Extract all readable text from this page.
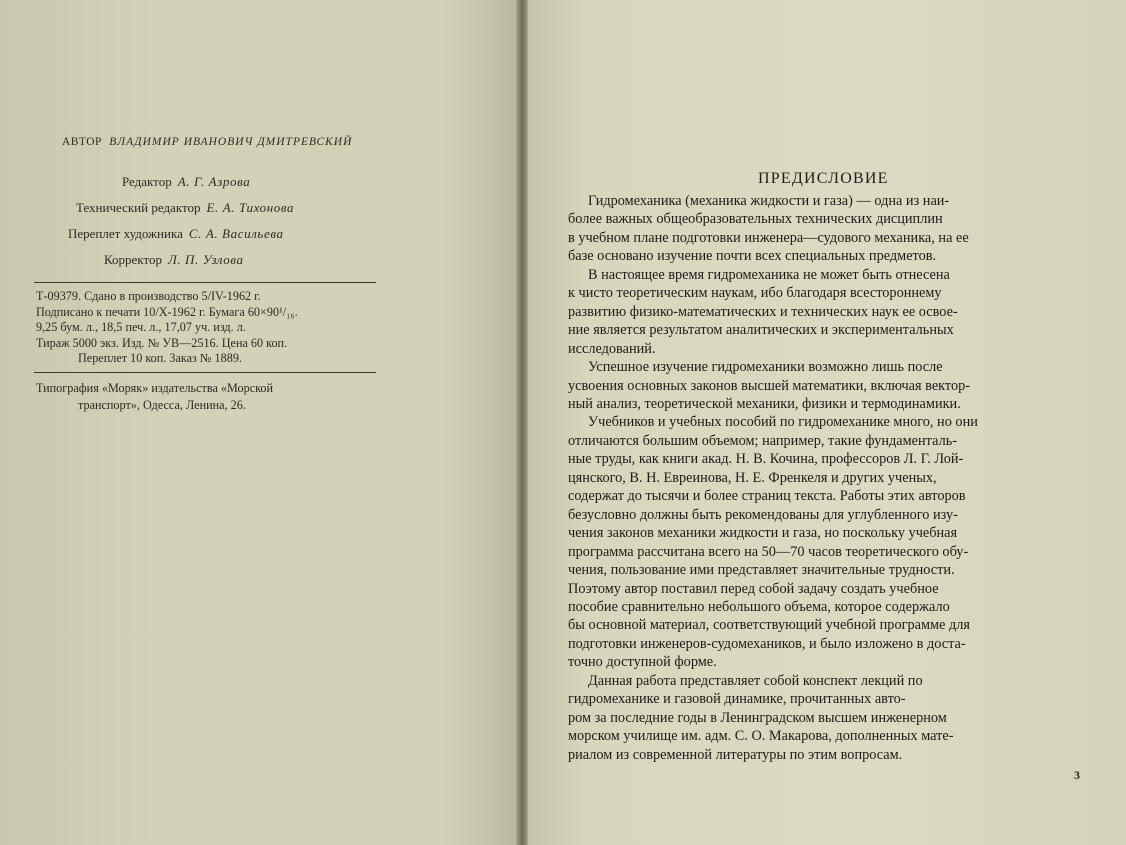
АВТОР ВЛАДИМИР ИВАНОВИЧ ДМИТРЕВСКИЙ
Редактор А. Г. Азрова
Технический редактор Е. А. Тихонова
Переплет художника С. А. Васильева
Корректор Л. П. Узлова
Т-09379. Сдано в производство 5/IV-1962 г.
Подписано к печати 10/X-1962 г. Бумага 60×90¹/₁₆.
9,25 бум. л., 18,5 печ. л., 17,07 уч. изд. л.
Тираж 5000 экз. Изд. № УВ—2516. Цена 60 коп.
Переплет 10 коп. Заказ № 1889.
Типография «Моряк» издательства «Морской
транспорт», Одесса, Ленина, 26.
ПРЕДИСЛОВИЕ
Гидромеханика (механика жидкости и газа) — одна из наи-
более важных общеобразовательных технических дисциплин
в учебном плане подготовки инженера—судового механика, на ее
базе основано изучение почти всех специальных предметов.
В настоящее время гидромеханика не может быть отнесена
к чисто теоретическим наукам, ибо благодаря всестороннему
развитию физико-математических и технических наук ее освое-
ние является результатом аналитических и экспериментальных
исследований.
Успешное изучение гидромеханики возможно лишь после
усвоения основных законов высшей математики, включая вектор-
ный анализ, теоретической механики, физики и термодинамики.
Учебников и учебных пособий по гидромеханике много, но они
отличаются большим объемом; например, такие фундаменталь-
ные труды, как книги акад. Н. В. Кочина, профессоров Л. Г. Лой-
цянского, В. Н. Евреинова, Н. Е. Френкеля и других ученых,
содержат до тысячи и более страниц текста. Работы этих авторов
безусловно должны быть рекомендованы для углубленного изу-
чения законов механики жидкости и газа, но поскольку учебная
программа рассчитана всего на 50—70 часов теоретического обу-
чения, пользование ими представляет значительные трудности.
Поэтому автор поставил перед собой задачу создать учебное
пособие сравнительно небольшого объема, которое содержало
бы основной материал, соответствующий учебной программе для
подготовки инженеров-судомехаников, и было изложено в доста-
точно доступной форме.
Данная работа представляет собой конспект лекций по
гидромеханике и газовой динамике, прочитанных авто-
ром за последние годы в Ленинградском высшем инженерном
морском училище им. адм. С. О. Макарова, дополненных мате-
риалом из современной литературы по этим вопросам.
3
